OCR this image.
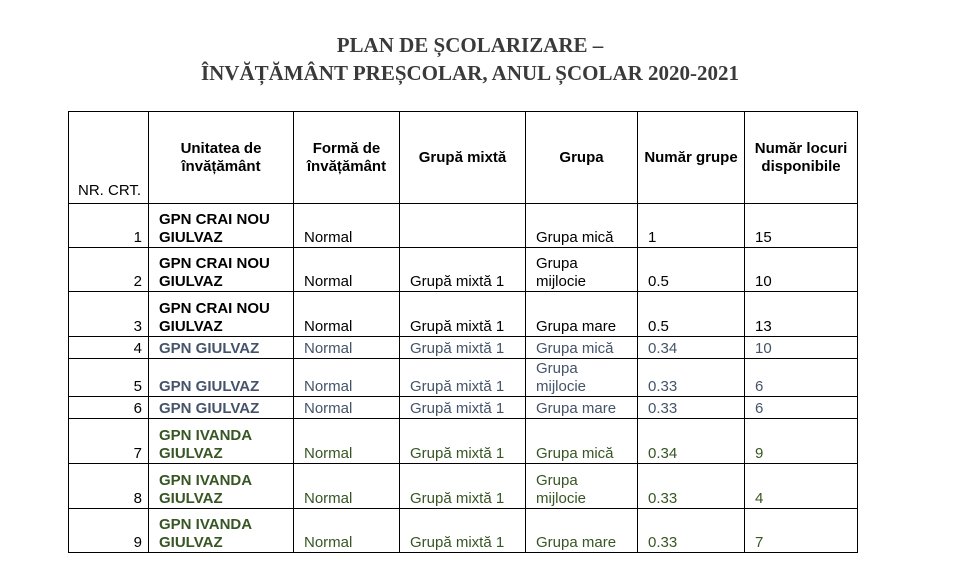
PLAN DE ȘCOLARIZARE –
ÎNVĂȚĂMÂNT PREȘCOLAR, ANUL ȘCOLAR 2020-2021
NR. CRT.	Unitatea de învățământ	Formă de învățământ	Grupă mixtă	Grupa	Număr grupe	Număr locuri disponibile
1	GPN CRAI NOU GIULVAZ	Normal		Grupa mică	1	15
2	GPN CRAI NOU GIULVAZ	Normal	Grupă mixtă 1	Grupa mijlocie	0.5	10
3	GPN CRAI NOU GIULVAZ	Normal	Grupă mixtă 1	Grupa mare	0.5	13
4	GPN GIULVAZ	Normal	Grupă mixtă 1	Grupa mică	0.34	10
5	GPN GIULVAZ	Normal	Grupă mixtă 1	Grupa mijlocie	0.33	6
6	GPN GIULVAZ	Normal	Grupă mixtă 1	Grupa mare	0.33	6
7	GPN IVANDA GIULVAZ	Normal	Grupă mixtă 1	Grupa mică	0.34	9
8	GPN IVANDA GIULVAZ	Normal	Grupă mixtă 1	Grupa mijlocie	0.33	4
9	GPN IVANDA GIULVAZ	Normal	Grupă mixtă 1	Grupa mare	0.33	7
